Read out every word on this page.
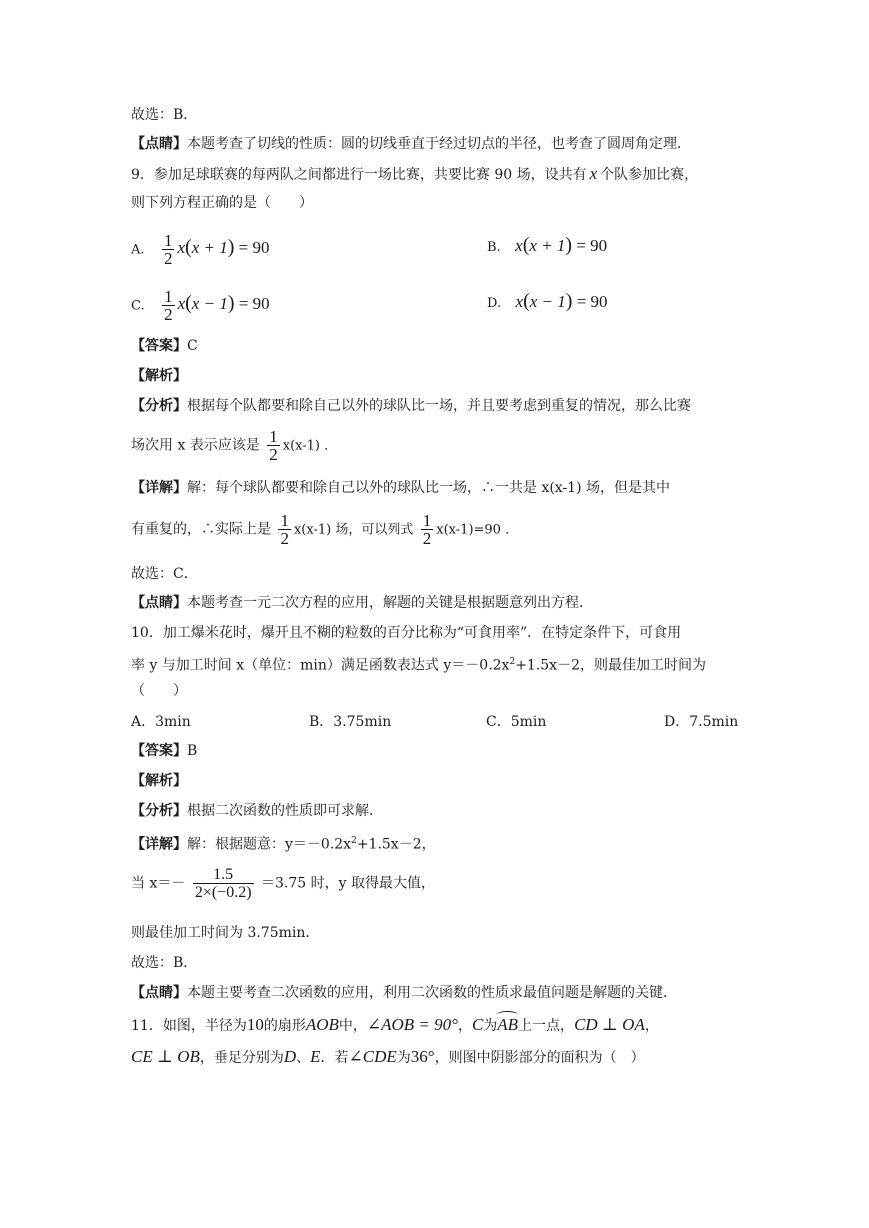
故选：B．
【点睛】本题考查了切线的性质：圆的切线垂直于经过切点的半径，也考查了圆周角定理．
9．参加足球联赛的每两队之间都进行一场比赛，共要比赛 90 场，设共有 x 个队参加比赛，
则下列方程正确的是（　　）
A. $\frac{1}{2} x(x + 1) = 90$	B. x(x + 1) = 90
C. $\frac{1}{2} x(x - 1) = 90$	D. x(x − 1) = 90
【答案】C
【解析】
【分析】根据每个队都要和除自己以外的球队比一场，并且要考虑到重复的情况，那么比赛
场次用 x 表示应该是 $\frac{1}{2} x(x-1)$ ．
【详解】解：每个球队都要和除自己以外的球队比一场，∴一共是 x(x-1) 场，但是其中
有重复的，∴实际上是 $\frac{1}{2} x(x-1)$ 场，可以列式 $\frac{1}{2} x(x-1)=90$ ．
故选：C．
【点睛】本题考查一元二次方程的应用，解题的关键是根据题意列出方程．
10．加工爆米花时，爆开且不糊的粒数的百分比称为“可食用率”．在特定条件下，可食用
率 y 与加工时间 x（单位：min）满足函数表达式 $y=-0.2x^2+1.5x-2$，则最佳加工时间为
（　　）
A．3min	B．3.75min	C．5min	D．7.5min
【答案】B
【解析】
【分析】根据二次函数的性质即可求解．
【详解】解：根据题意：$y=-0.2x^2+1.5x-2$，
当 $x=- \frac{1.5}{2\times(-0.2)} =3.75$ 时，y 取得最大值，
则最佳加工时间为 3.75min．
故选：B．
【点睛】本题主要考查二次函数的应用，利用二次函数的性质求最值问题是解题的关键．
11．如图，半径为10的扇形AOB中，∠AOB = 90°，C为AB上一点，CD ⊥ OA，
CE ⊥ OB，垂足分别为D、E．若∠CDE为36°，则图中阴影部分的面积为（　）
